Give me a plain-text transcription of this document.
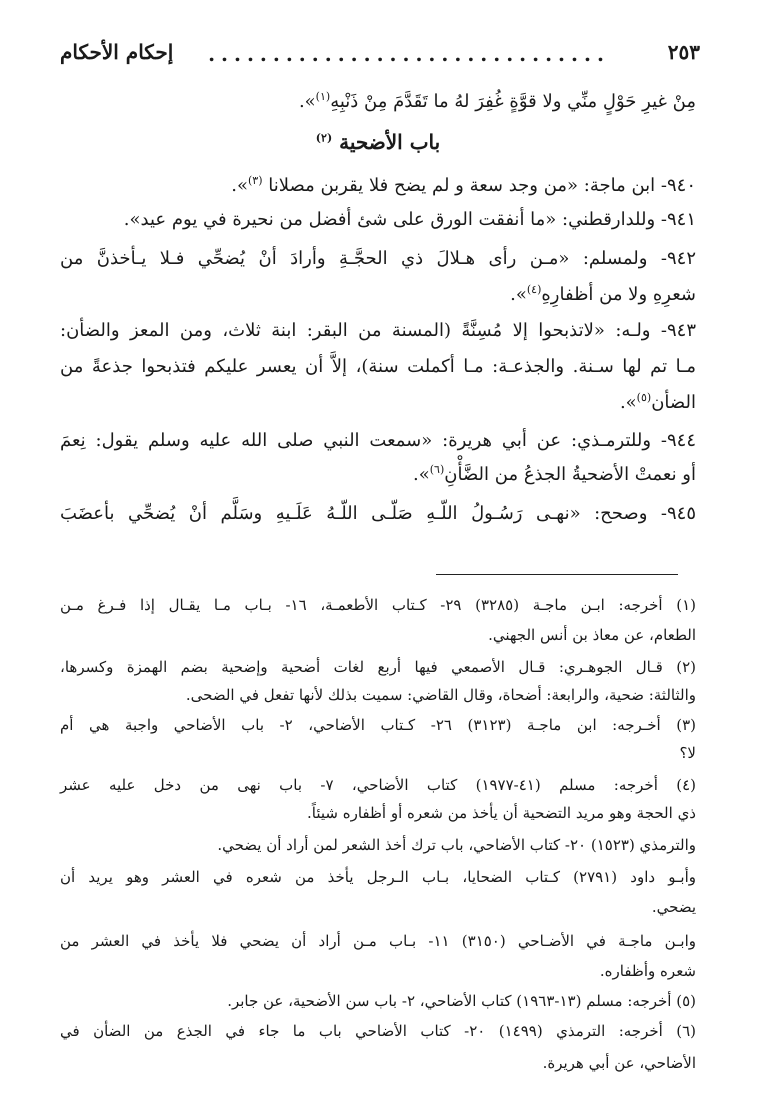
إحكام الأحكام	...............................	٢٥٣
مِنْ غيرِ حَوْلٍ منِّي ولا قوَّةٍ غُفِرَ لهُ ما تَقَدَّمَ مِنْ ذَنْبِهِ$^{(١)}$».
باب الأضحية $^{(٢)}$
٩٤٠- ابن ماجة: «من وجد سعة و لم يضح فلا يقربن مصلانا $^{(٣)}$».
٩٤١- وللدارقطني: «ما أنفقت الورق على شئ أفضل من نحيرة في يوم عيد».
٩٤٢- ولمسلم: «مـن رأى هـلالَ ذي الحجَّـةِ وأرادَ أنْ يُضحِّي فـلا يـأخذنَّ من
شعرِهِ ولا من أظفارِهِ$^{(٤)}$».
٩٤٣- ولـه: «لاتذبحوا إلا مُسِنَّةً (المسنة من البقر: ابنة ثلاث، ومن المعز والضأن:
مـا تم لها سـنة. والجذعـة: مـا أكملت سنة)، إلاَّ أن يعسر عليكم فتذبحوا جذعةً من
الضأن$^{(٥)}$».
٩٤٤- وللترمـذي: عن أبي هريرة: «سمعت النبي صلى الله عليه وسلم يقول: نِعمَ
أو نعمتْ الأضحيةُ الجذعُ من الضَّأْنِ$^{(٦)}$».
٩٤٥- وصحح: «نهـى رَسُـولُ اللّـهِ صَلّـى اللّـهُ عَلَـيهِ وسَلَّم أنْ يُضحِّي بأعضَبَ
(١) أخرجه: ابـن ماجـة (٣٢٨٥) ٢٩- كـتاب الأطعمـة، ١٦- بـاب مـا يقـال إذا فـرغ مـن
الطعام، عن معاذ بن أنس الجهني.
(٢) قـال الجوهـري: قـال الأصمعي فيها أربع لغات أضحية وإضحية بضم الهمزة وكسرها،
والثالثة: ضحية، والرابعة: أضحاة، وقال القاضي: سميت بذلك لأنها تفعل في الضحى.
(٣) أخـرجه: ابن ماجـة (٣١٢٣) ٢٦- كـتاب الأضاحي، ٢- باب الأضاحي واجبة هي أم
لا؟
(٤) أخرجه: مسلم (٤١-١٩٧٧) كتاب الأضاحي، ٧- باب نهى من دخل عليه عشر
ذي الحجة وهو مريد التضحية أن يأخذ من شعره أو أظفاره شيئاً.
والترمذي (١٥٢٣) ٢٠- كتاب الأضاحي، باب ترك أخذ الشعر لمن أراد أن يضحي.
وأبـو داود (٢٧٩١) كـتاب الضحايا، بـاب الـرجل يأخذ من شعره في العشر وهو يريد أن
يضحي.
وابـن ماجـة في الأضـاحي (٣١٥٠) ١١- بـاب مـن أراد أن يضحي فلا يأخذ في العشر من
شعره وأظفاره.
(٥) أخرجه: مسلم (١٣-١٩٦٣) كتاب الأضاحي، ٢- باب سن الأضحية، عن جابر.
(٦) أخرجه: الترمذي (١٤٩٩) ٢٠- كتاب الأضاحي باب ما جاء في الجذع من الضأن في
الأضاحي، عن أبي هريرة.
